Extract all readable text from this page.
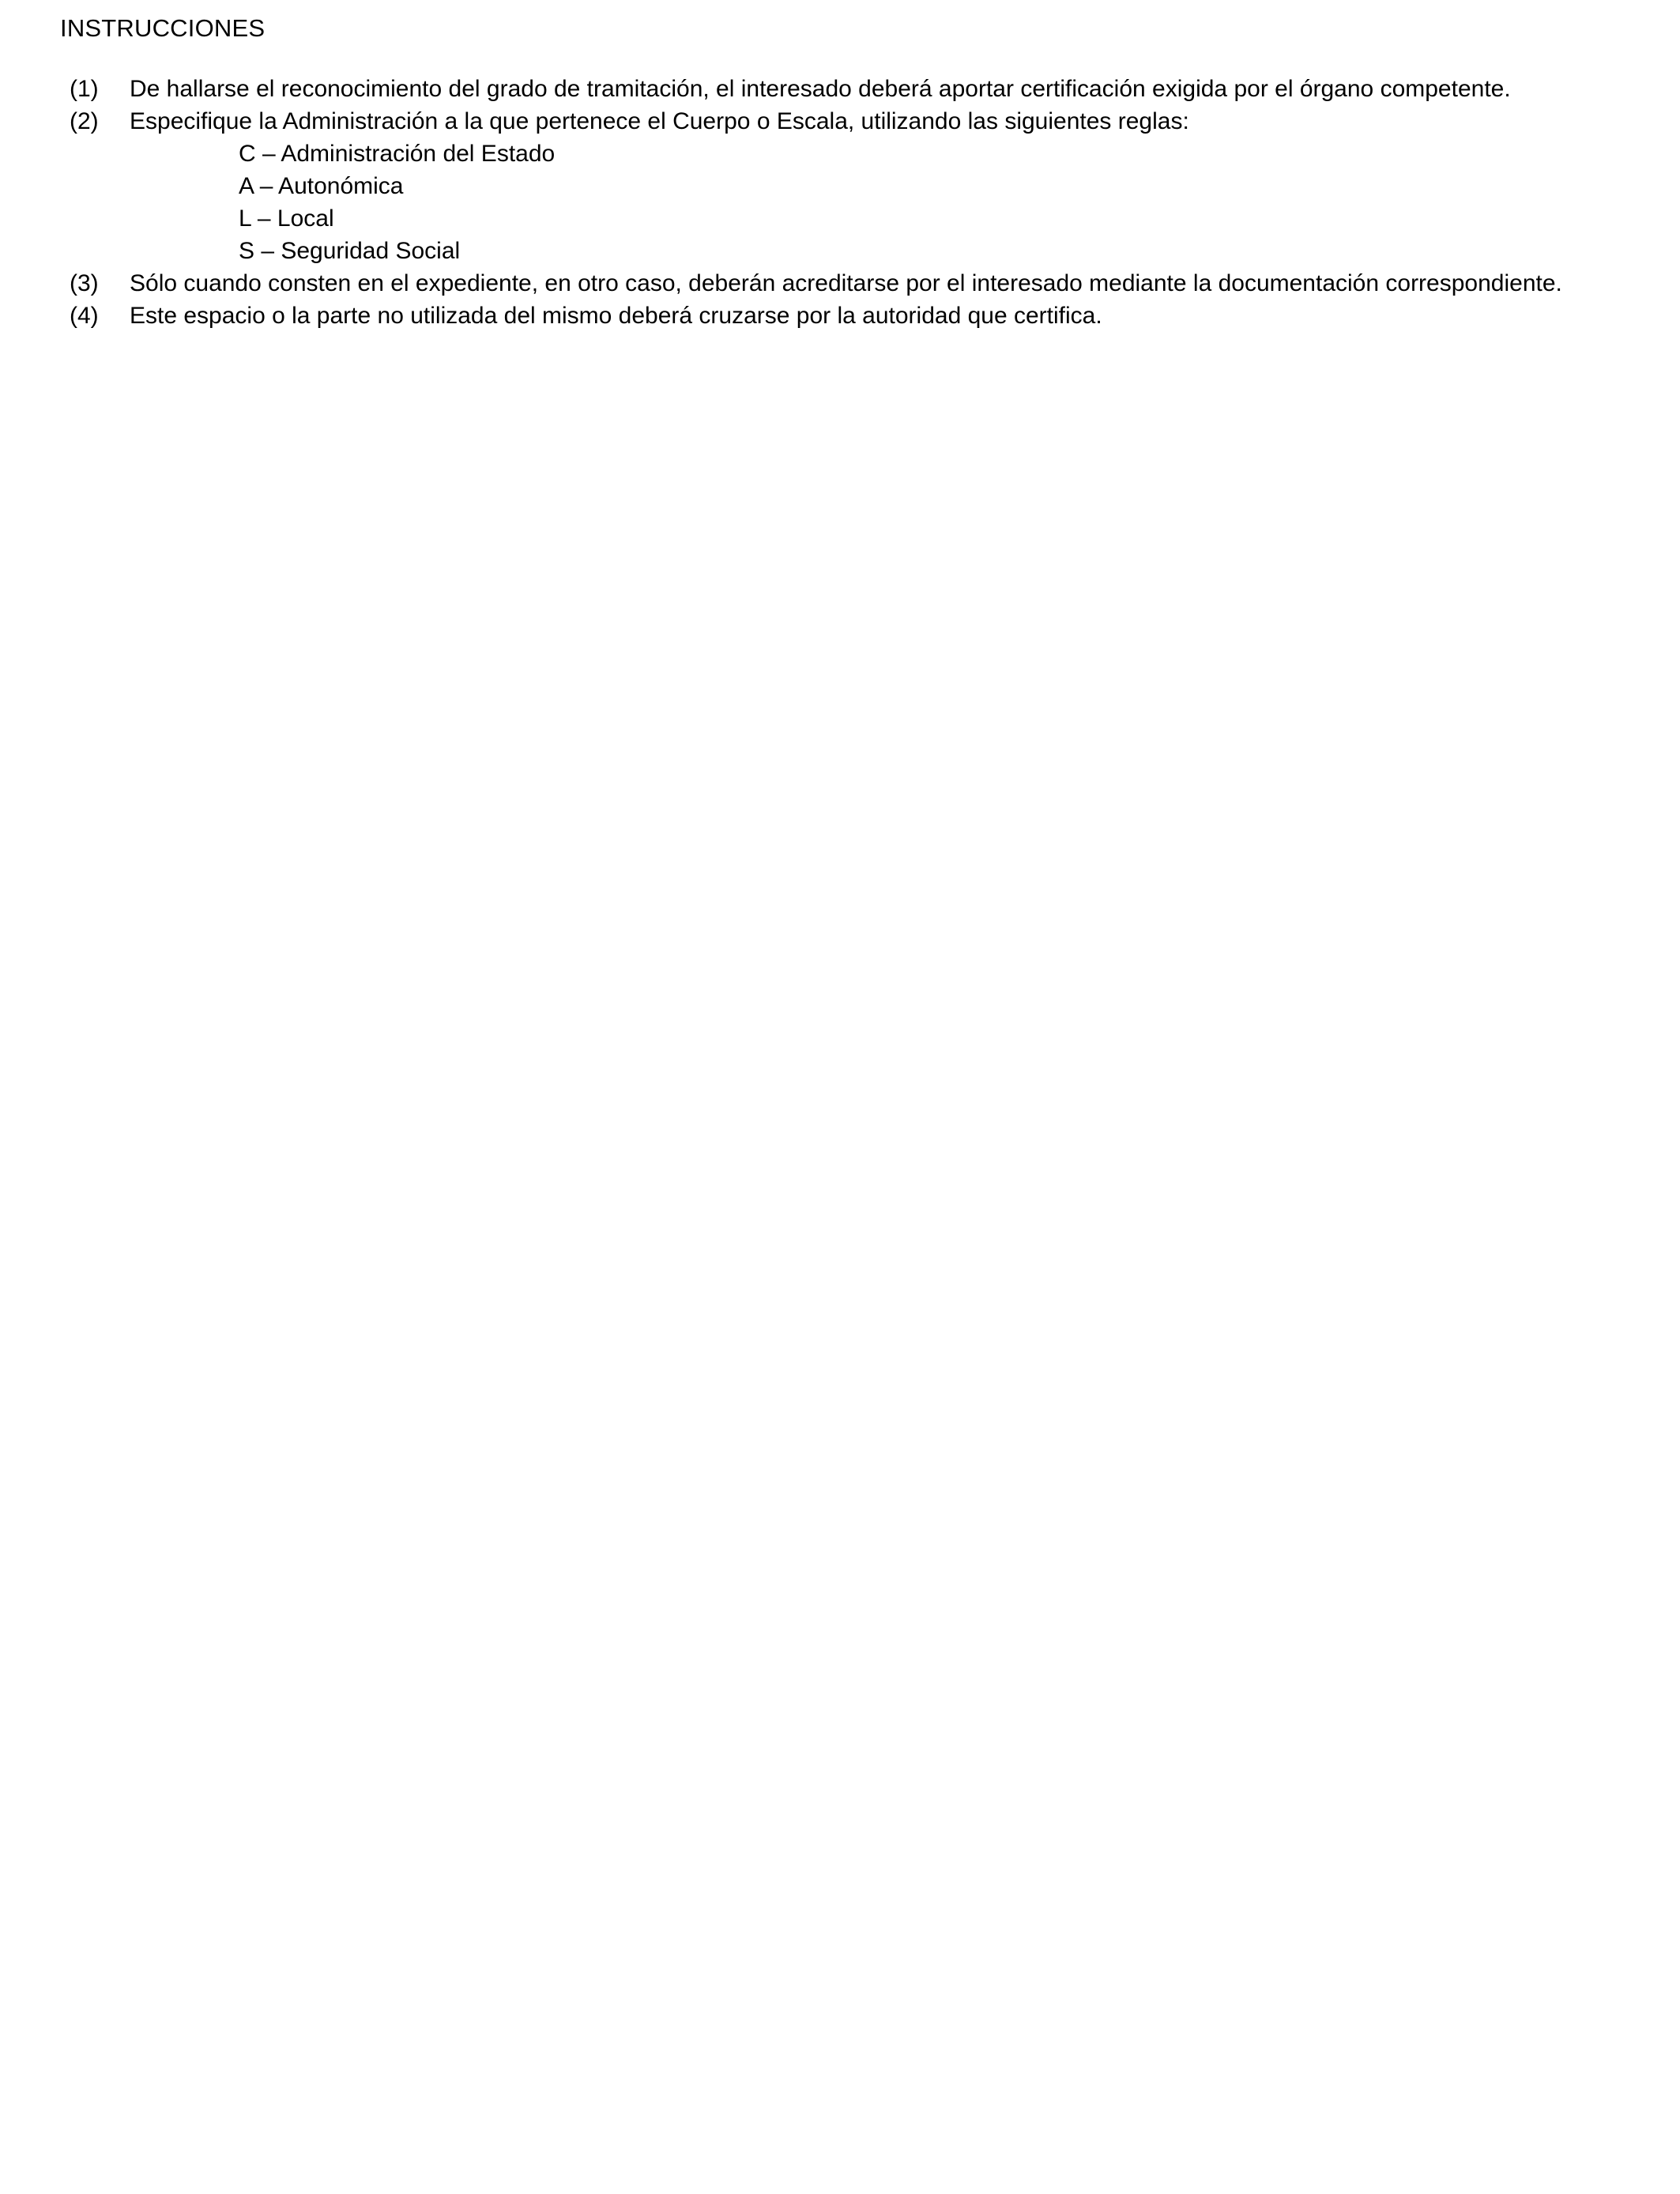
INSTRUCCIONES
(1) De hallarse el reconocimiento del grado de tramitación, el interesado deberá aportar certificación exigida por el órgano competente.
(2) Especifique la Administración a la que pertenece el Cuerpo o Escala, utilizando las siguientes reglas:
C – Administración del Estado
A – Autonómica
L – Local
S – Seguridad Social
(3) Sólo cuando consten en el expediente, en otro caso, deberán acreditarse por el interesado mediante la documentación correspondiente.
(4) Este espacio o la parte no utilizada del mismo deberá cruzarse por la autoridad que certifica.
